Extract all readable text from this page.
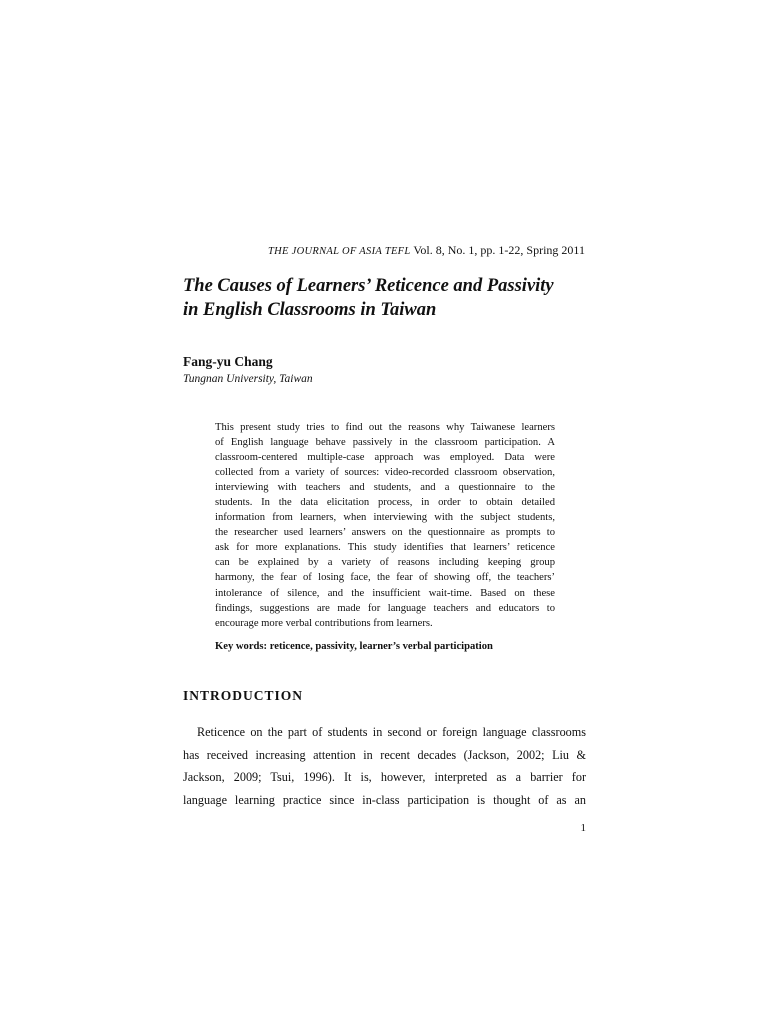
THE JOURNAL OF ASIA TEFL Vol. 8, No. 1, pp. 1-22, Spring 2011
The Causes of Learners’ Reticence and Passivity
in English Classrooms in Taiwan

Fang-yu Chang

Tungnan University, Taiwan

This present study tries to find out the reasons why Taiwanese learners
of English language behave passively in the classroom participation. A
classroom-centered multiple-case approach was employed. Data were
collected from a variety of sources: video-recorded classroom observation,
interviewing with teachers and students, and a questionnaire to the
students. In the data elicitation process, in order to obtain detailed
information from learners, when interviewing with the subject students,
the researcher used learners’ answers on the questionnaire as prompts to
ask for more explanations. This study identifies that learners’ reticence
can be explained by a variety of reasons including keeping group
harmony, the fear of losing face, the fear of showing off, the teachers’
intolerance of silence, and the insufficient wait-time. Based on these
findings, suggestions are made for language teachers and educators to
encourage more verbal contributions from learners.

Key words: reticence, passivity, learner’s verbal participation

INTRODUCTION
Reticence on the part of students in second or foreign language classrooms
has received increasing attention in recent decades (Jackson, 2002; Liu &
Jackson, 2009; Tsui, 1996). It is, however, interpreted as a barrier for
language learning practice since in-class participation is thought of as an
1
